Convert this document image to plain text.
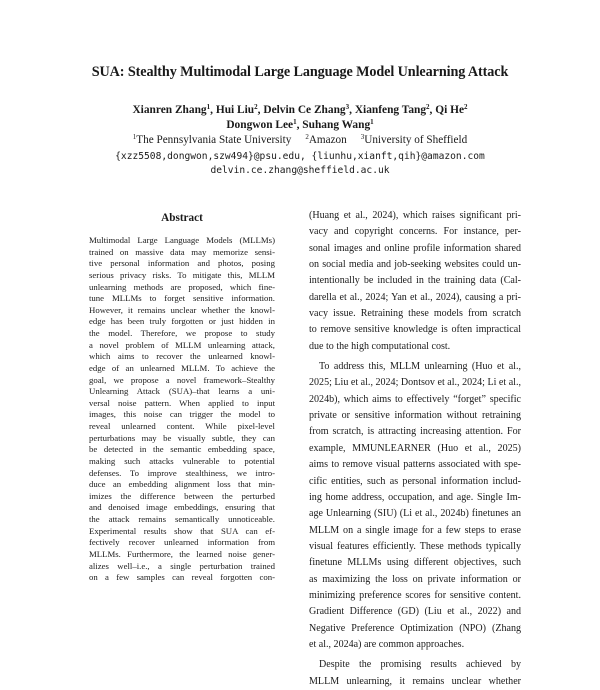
SUA: Stealthy Multimodal Large Language Model Unlearning Attack
Xianren Zhang$^1$, Hui Liu$^2$, Delvin Ce Zhang$^3$, Xianfeng Tang$^2$, Qi He$^2$
Dongwon Lee$^1$, Suhang Wang$^1$
$^1$The Pennsylvania State University $^2$Amazon $^3$University of Sheffield
{xzz5508,dongwon,szw494}@psu.edu, {liunhu,xianft,qih}@amazon.com
delvin.ce.zhang@sheffield.ac.uk
Abstract
Multimodal Large Language Models (MLLMs)
trained on massive data may memorize sensi-
tive personal information and photos, posing
serious privacy risks. To mitigate this, MLLM
unlearning methods are proposed, which fine-
tune MLLMs to forget sensitive information.
However, it remains unclear whether the knowl-
edge has been truly forgotten or just hidden in
the model. Therefore, we propose to study
a novel problem of MLLM unlearning attack,
which aims to recover the unlearned knowl-
edge of an unlearned MLLM. To achieve the
goal, we propose a novel framework–Stealthy
Unlearning Attack (SUA)–that learns a uni-
versal noise pattern. When applied to input
images, this noise can trigger the model to
reveal unlearned content. While pixel-level
perturbations may be visually subtle, they can
be detected in the semantic embedding space,
making such attacks vulnerable to potential
defenses. To improve stealthiness, we intro-
duce an embedding alignment loss that min-
imizes the difference between the perturbed
and denoised image embeddings, ensuring that
the attack remains semantically unnoticeable.
Experimental results show that SUA can ef-
fectively recover unlearned information from
MLLMs. Furthermore, the learned noise gener-
alizes well–i.e., a single perturbation trained
on a few samples can reveal forgotten con-
(Huang et al., 2024), which raises significant pri-
vacy and copyright concerns. For instance, per-
sonal images and online profile information shared
on social media and job-seeking websites could un-
intentionally be included in the training data (Cal-
darella et al., 2024; Yan et al., 2024), causing a pri-
vacy issue. Retraining these models from scratch
to remove sensitive knowledge is often impractical
due to the high computational cost.
To address this, MLLM unlearning (Huo et al.,
2025; Liu et al., 2024; Dontsov et al., 2024; Li et al.,
2024b), which aims to effectively “forget” specific
private or sensitive information without retraining
from scratch, is attracting increasing attention. For
example, MMUNLEARNER (Huo et al., 2025)
aims to remove visual patterns associated with spe-
cific entities, such as personal information includ-
ing home address, occupation, and age. Single Im-
age Unlearning (SIU) (Li et al., 2024b) finetunes an
MLLM on a single image for a few steps to erase
visual features efficiently. These methods typically
finetune MLLMs using different objectives, such
as maximizing the loss on private information or
minimizing preference scores for sensitive content.
Gradient Difference (GD) (Liu et al., 2022) and
Negative Preference Optimization (NPO) (Zhang
et al., 2024a) are common approaches.
Despite the promising results achieved by
MLLM unlearning, it remains unclear whether
